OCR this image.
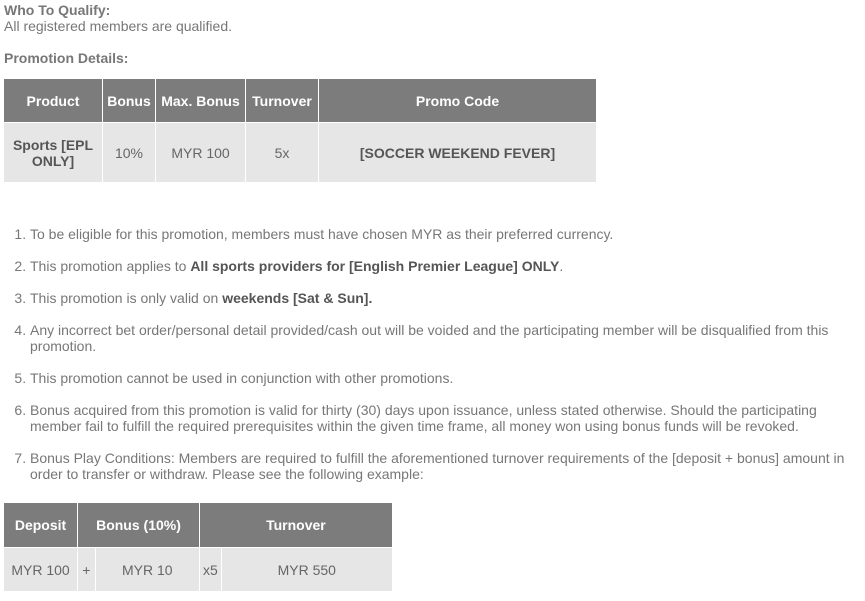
Who To Qualify:
All registered members are qualified.
Promotion Details:
Product	Bonus	Max. Bonus	Turnover	Promo Code
Sports [EPL ONLY]	10%	MYR 100	5x	[SOCCER WEEKEND FEVER]
1. To be eligible for this promotion, members must have chosen MYR as their preferred currency.
2. This promotion applies to All sports providers for [English Premier League] ONLY.
3. This promotion is only valid on weekends [Sat & Sun].
4. Any incorrect bet order/personal detail provided/cash out will be voided and the participating member will be disqualified from this promotion.
5. This promotion cannot be used in conjunction with other promotions.
6. Bonus acquired from this promotion is valid for thirty (30) days upon issuance, unless stated otherwise. Should the participating member fail to fulfill the required prerequisites within the given time frame, all money won using bonus funds will be revoked.
7. Bonus Play Conditions: Members are required to fulfill the aforementioned turnover requirements of the [deposit + bonus] amount in order to transfer or withdraw. Please see the following example:
Deposit	Bonus (10%)		Turnover	
MYR 100	+	MYR 10	x5	MYR 550
